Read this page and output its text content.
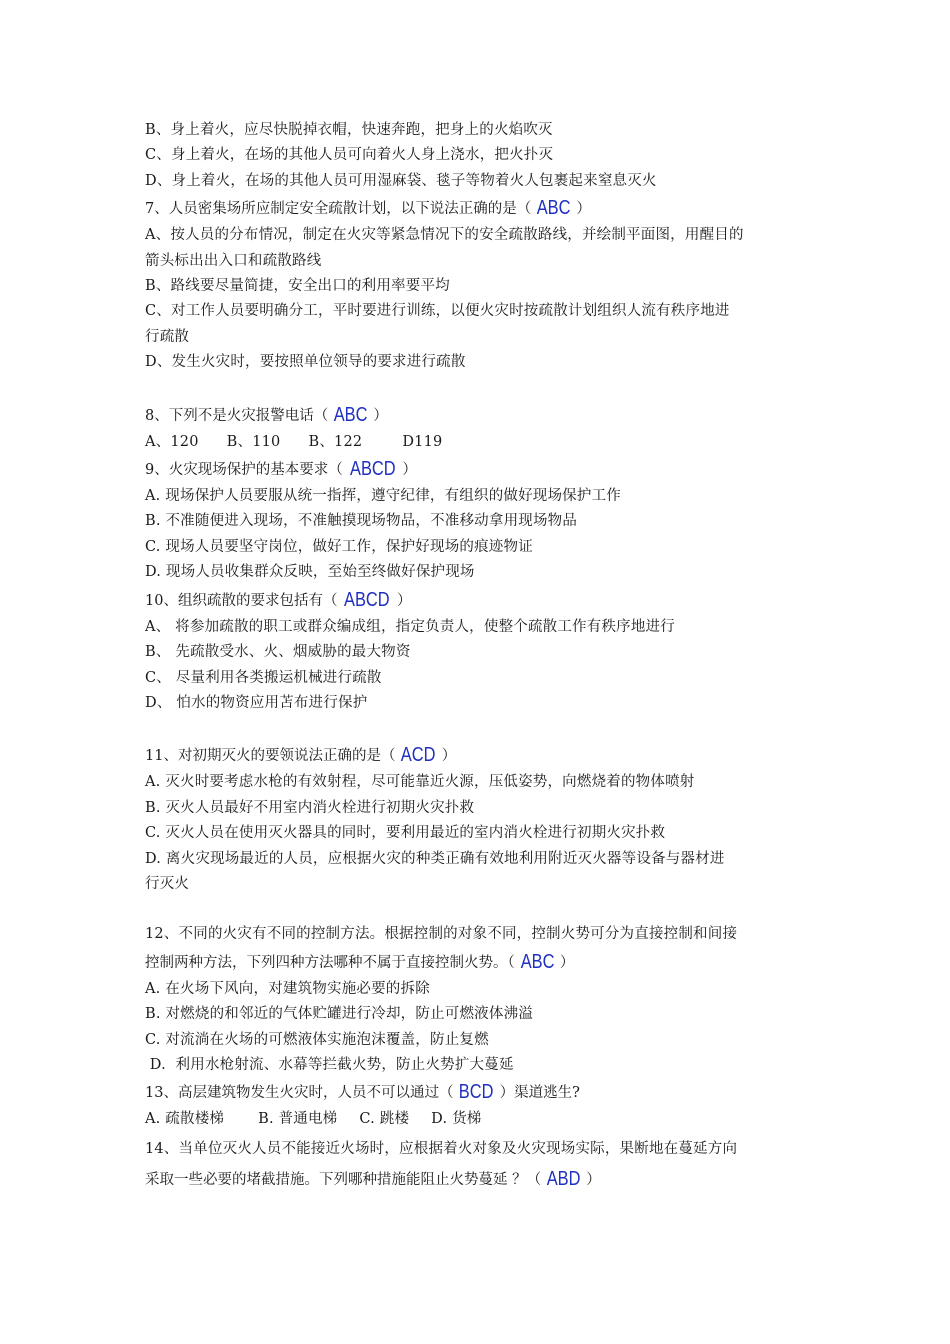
B、身上着火，应尽快脱掉衣帽，快速奔跑，把身上的火焰吹灭
C、身上着火，在场的其他人员可向着火人身上浇水，把火扑灭
D、身上着火，在场的其他人员可用湿麻袋、毯子等物着火人包裹起来窒息灭火
7、人员密集场所应制定安全疏散计划，以下说法正确的是（ ABC ）
A、按人员的分布情况，制定在火灾等紧急情况下的安全疏散路线，并绘制平面图，用醒目的
箭头标出出入口和疏散路线
B、路线要尽量简捷，安全出口的利用率要平均
C、对工作人员要明确分工，平时要进行训练，以便火灾时按疏散计划组织人流有秩序地进
行疏散
D、发生火灾时，要按照单位领导的要求进行疏散
8、下列不是火灾报警电话（ ABC ）
A、120 B、110 B、122	D119
9、火灾现场保护的基本要求（ ABCD ）
A. 现场保护人员要服从统一指挥，遵守纪律，有组织的做好现场保护工作
B. 不准随便进入现场，不准触摸现场物品，不准移动拿用现场物品
C. 现场人员要坚守岗位，做好工作，保护好现场的痕迹物证
D. 现场人员收集群众反映，至始至终做好保护现场
10、组织疏散的要求包括有（ ABCD ）
A、 将参加疏散的职工或群众编成组，指定负责人，使整个疏散工作有秩序地进行
B、 先疏散受水、火、烟威胁的最大物资
C、 尽量利用各类搬运机械进行疏散
D、 怕水的物资应用苫布进行保护
11、对初期灭火的要领说法正确的是（ ACD ）
A. 灭火时要考虑水枪的有效射程，尽可能靠近火源，压低姿势，向燃烧着的物体喷射
B. 灭火人员最好不用室内消火栓进行初期火灾扑救
C. 灭火人员在使用灭火器具的同时，要利用最近的室内消火栓进行初期火灾扑救
D. 离火灾现场最近的人员，应根据火灾的种类正确有效地利用附近灭火器等设备与器材进
行灭火
12、不同的火灾有不同的控制方法。根据控制的对象不同，控制火势可分为直接控制和间接
控制两种方法，下列四种方法哪种不属于直接控制火势。（ ABC ）
A. 在火场下风向，对建筑物实施必要的拆除
B. 对燃烧的和邻近的气体贮罐进行冷却，防止可燃液体沸溢
C. 对流淌在火场的可燃液体实施泡沫覆盖，防止复燃
D.  利用水枪射流、水幕等拦截火势，防止火势扩大蔓延
13、高层建筑物发生火灾时，人员不可以通过（ BCD ）渠道逃生?
A. 疏散楼梯 B. 普通电梯 C. 跳楼 D. 货梯
14、当单位灭火人员不能接近火场时，应根据着火对象及火灾现场实际，果断地在蔓延方向
采取一些必要的堵截措施。下列哪种措施能阻止火势蔓延 ？（ ABD ）
